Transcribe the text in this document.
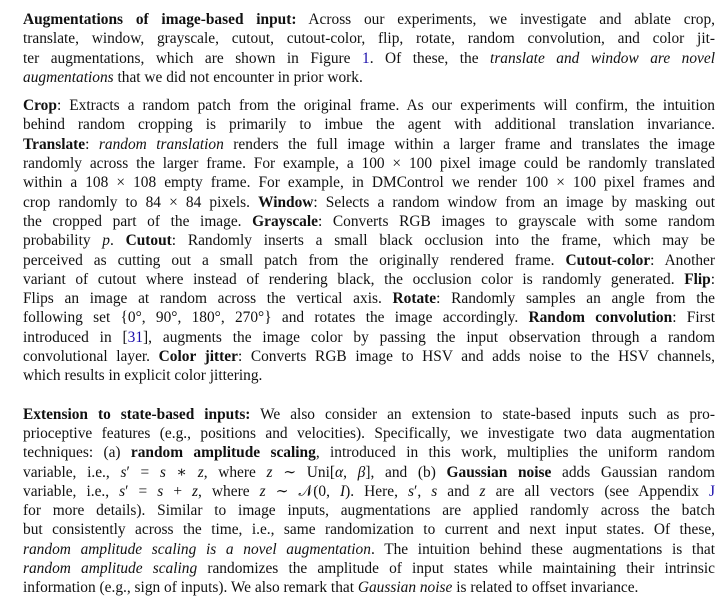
Augmentations of image-based input: Across our experiments, we investigate and ablate crop,
translate, window, grayscale, cutout, cutout-color, flip, rotate, random convolution, and color jit-
ter augmentations, which are shown in Figure 1. Of these, the translate and window are novel
augmentations that we did not encounter in prior work.
Crop: Extracts a random patch from the original frame. As our experiments will confirm, the intuition
behind random cropping is primarily to imbue the agent with additional translation invariance.
Translate: random translation renders the full image within a larger frame and translates the image
randomly across the larger frame. For example, a 100 × 100 pixel image could be randomly translated
within a 108 × 108 empty frame. For example, in DMControl we render 100 × 100 pixel frames and
crop randomly to 84 × 84 pixels. Window: Selects a random window from an image by masking out
the cropped part of the image. Grayscale: Converts RGB images to grayscale with some random
probability p. Cutout: Randomly inserts a small black occlusion into the frame, which may be
perceived as cutting out a small patch from the originally rendered frame. Cutout-color: Another
variant of cutout where instead of rendering black, the occlusion color is randomly generated. Flip:
Flips an image at random across the vertical axis. Rotate: Randomly samples an angle from the
following set {0°, 90°, 180°, 270°} and rotates the image accordingly. Random convolution: First
introduced in [31], augments the image color by passing the input observation through a random
convolutional layer. Color jitter: Converts RGB image to HSV and adds noise to the HSV channels,
which results in explicit color jittering.
Extension to state-based inputs: We also consider an extension to state-based inputs such as pro-
prioceptive features (e.g., positions and velocities). Specifically, we investigate two data augmentation
techniques: (a) random amplitude scaling, introduced in this work, multiplies the uniform random
variable, i.e., s′ = s ∗ z, where z ∼ Uni[α, β], and (b) Gaussian noise adds Gaussian random
variable, i.e., s′ = s + z, where z ∼ 𝒩(0, I). Here, s′, s and z are all vectors (see Appendix J
for more details). Similar to image inputs, augmentations are applied randomly across the batch
but consistently across the time, i.e., same randomization to current and next input states. Of these,
random amplitude scaling is a novel augmentation. The intuition behind these augmentations is that
random amplitude scaling randomizes the amplitude of input states while maintaining their intrinsic
information (e.g., sign of inputs). We also remark that Gaussian noise is related to offset invariance.
